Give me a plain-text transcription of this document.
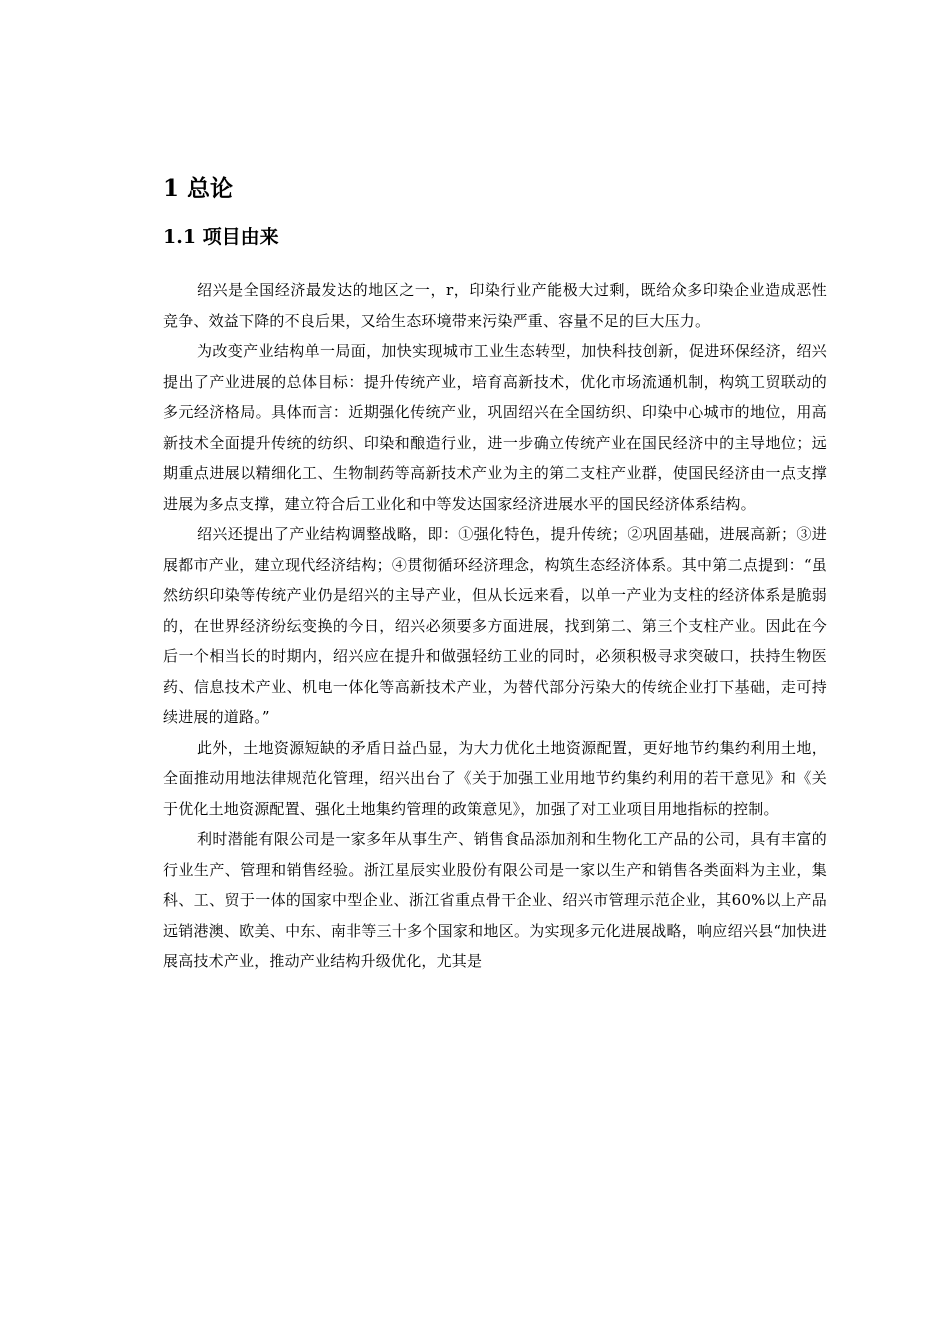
1 总论
1.1 项目由来

绍兴是全国经济最发达的地区之一，r，印染行业产能极大过剩，既给众多印染企业造成恶性竞争、效益下降的不良后果，又给生态环境带来污染严重、容量不足的巨大压力。

为改变产业结构单一局面，加快实现城市工业生态转型，加快科技创新，促进环保经济，绍兴提出了产业进展的总体目标：提升传统产业，培育高新技术，优化市场流通机制，构筑工贸联动的多元经济格局。具体而言：近期强化传统产业，巩固绍兴在全国纺织、印染中心城市的地位，用高新技术全面提升传统的纺织、印染和酿造行业，进一步确立传统产业在国民经济中的主导地位；远期重点进展以精细化工、生物制药等高新技术产业为主的第二支柱产业群，使国民经济由一点支撑进展为多点支撑，建立符合后工业化和中等发达国家经济进展水平的国民经济体系结构。

绍兴还提出了产业结构调整战略，即：①强化特色，提升传统；②巩固基础，进展高新；③进展都市产业，建立现代经济结构；④贯彻循环经济理念，构筑生态经济体系。其中第二点提到：“虽然纺织印染等传统产业仍是绍兴的主导产业，但从长远来看，以单一产业为支柱的经济体系是脆弱的，在世界经济纷纭变换的今日，绍兴必须要多方面进展，找到第二、第三个支柱产业。因此在今后一个相当长的时期内，绍兴应在提升和做强轻纺工业的同时，必须积极寻求突破口，扶持生物医药、信息技术产业、机电一体化等高新技术产业，为替代部分污染大的传统企业打下基础，走可持续进展的道路。”

此外，土地资源短缺的矛盾日益凸显，为大力优化土地资源配置，更好地节约集约利用土地，全面推动用地法律规范化管理，绍兴出台了《关于加强工业用地节约集约利用的若干意见》和《关于优化土地资源配置、强化土地集约管理的政策意见》，加强了对工业项目用地指标的控制。

利时潜能有限公司是一家多年从事生产、销售食品添加剂和生物化工产品的公司，具有丰富的行业生产、管理和销售经验。浙江星辰实业股份有限公司是一家以生产和销售各类面料为主业，集科、工、贸于一体的国家中型企业、浙江省重点骨干企业、绍兴市管理示范企业，其60%以上产品远销港澳、欧美、中东、南非等三十多个国家和地区。为实现多元化进展战略，响应绍兴县“加快进展高技术产业，推动产业结构升级优化，尤其是
